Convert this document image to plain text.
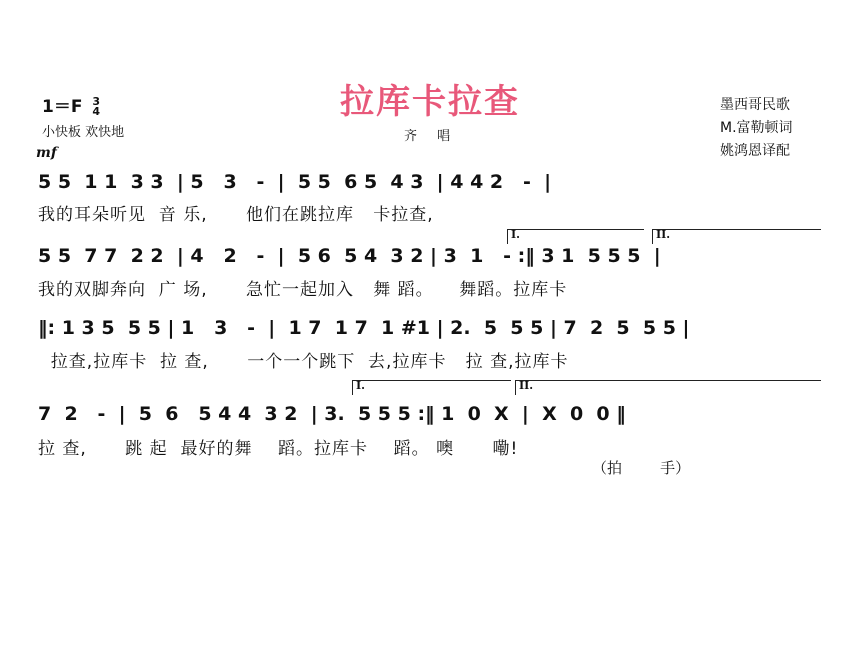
拉库卡拉查
1＝F 3
4
小快板 欢快地	齐 唱
mf
墨西哥民歌
M.富勒顿词
姚鸿恩译配
5 5  1 1  3 3  | 5   3   -  |  5 5  6 5  4 3  | 4 4 2   -  |
我的耳朵听见  音 乐,      他们在跳拉库   卡拉查,
I.	II.
5 5  7 7  2 2  | 4   2   -  |  5 6  5 4  3 2 | 3  1   - :‖ 3 1  5 5 5  |
我的双脚奔向  广 场,      急忙一起加入   舞 蹈。    舞蹈。拉库卡
‖: 1 3 5  5 5 | 1   3   -  |  1 7  1 7  1 #1 | 2.  5  5 5 | 7  2  5  5 5 |
拉查,拉库卡  拉 查,      一个一个跳下  去,拉库卡   拉 查,拉库卡
I.	II.
7  2   -  |  5  6   5 4 4  3 2  | 3.  5 5 5 :‖ 1  0  X  |  X  0  0 ‖
拉 查,      跳 起  最好的舞    蹈。拉库卡    蹈。 噢      嘞!
（拍        手）
